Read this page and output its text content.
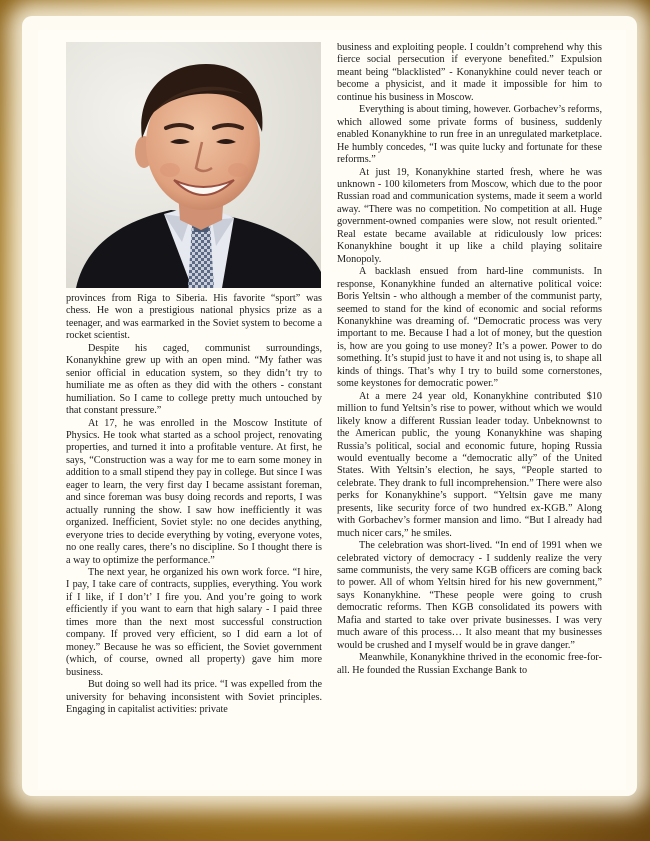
provinces from Riga to Siberia. His favorite “sport” was chess. He won a prestigious national physics prize as a teenager, and was earmarked in the Soviet system to become a rocket scientist.

Despite his caged, communist surroundings, Konanykhine grew up with an open mind. “My father was senior official in education system, so they didn’t try to humiliate me as often as they did with the others - constant humiliation. So I came to college pretty much untouched by that constant pressure.”

At 17, he was enrolled in the Moscow Institute of Physics. He took what started as a school project, renovating properties, and turned it into a profitable venture. At first, he says, “Construction was a way for me to earn some money in addition to a small stipend they pay in college. But since I was eager to learn, the very first day I became assistant foreman, and since foreman was busy doing records and reports, I was actually running the show. I saw how inefficiently it was organized. Inefficient, Soviet style: no one decides anything, everyone tries to decide everything by voting, everyone votes, no one really cares, there’s no discipline. So I thought there is a way to optimize the performance.”

The next year, he organized his own work force. “I hire, I pay, I take care of contracts, supplies, everything. You work if I like, if I don’t’ I fire you. And you’re going to work efficiently if you want to earn that high salary - I paid three times more than the next most successful construction company. If proved very efficient, so I did earn a lot of money.” Because he was so efficient, the Soviet government (which, of course, owned all property) gave him more business.

But doing so well had its price. “I was expelled from the university for behaving inconsistent with Soviet principles. Engaging in capitalist activities: private

business and exploiting people. I couldn’t comprehend why this fierce social persecution if everyone benefited.” Expulsion meant being “blacklisted” - Konanykhine could never teach or become a physicist, and it made it impossible for him to continue his business in Moscow.

Everything is about timing, however. Gorbachev’s reforms, which allowed some private forms of business, suddenly enabled Konanykhine to run free in an unregulated marketplace. He humbly concedes, “I was quite lucky and fortunate for these reforms.”

At just 19, Konanykhine started fresh, where he was unknown - 100 kilometers from Moscow, which due to the poor Russian road and communication systems, made it seem a world away. “There was no competition. No competition at all. Huge government-owned companies were slow, not result oriented.” Real estate became available at ridiculously low prices: Konanykhine bought it up like a child playing solitaire Monopoly.

A backlash ensued from hard-line communists. In response, Konanykhine funded an alternative political voice: Boris Yeltsin - who although a member of the communist party, seemed to stand for the kind of economic and social reforms Konanykhine was dreaming of. “Democratic process was very important to me. Because I had a lot of money, but the question is, how are you going to use money? It’s a power. Power to do something. It’s stupid just to have it and not using is, to shape all kinds of things. That’s why I try to build some cornerstones, some keystones for democratic power.”

At a mere 24 year old, Konanykhine contributed $10 million to fund Yeltsin’s rise to power, without which we would likely know a different Russian leader today. Unbeknownst to the American public, the young Konanykhine was shaping Russia’s political, social and economic future, hoping Russia would eventually become a “democratic ally” of the United States. With Yeltsin’s election, he says, “People started to celebrate. They drank to full incomprehension.” There were also perks for Konanykhine’s support. “Yeltsin gave me many presents, like security force of two hundred ex-KGB.” Along with Gorbachev’s former mansion and limo. “But I already had much nicer cars,” he smiles.

The celebration was short-lived. “In end of 1991 when we celebrated victory of democracy - I suddenly realize the very same communists, the very same KGB officers are coming back to power. All of whom Yeltsin hired for his new government,” says Konanykhine. “These people were going to crush democratic reforms. Then KGB consolidated its powers with Mafia and started to take over private businesses. I was very much aware of this process… It also meant that my businesses would be crushed and I myself would be in grave danger.”

Meanwhile, Konanykhine thrived in the economic free-for-all. He founded the Russian Exchange Bank to
